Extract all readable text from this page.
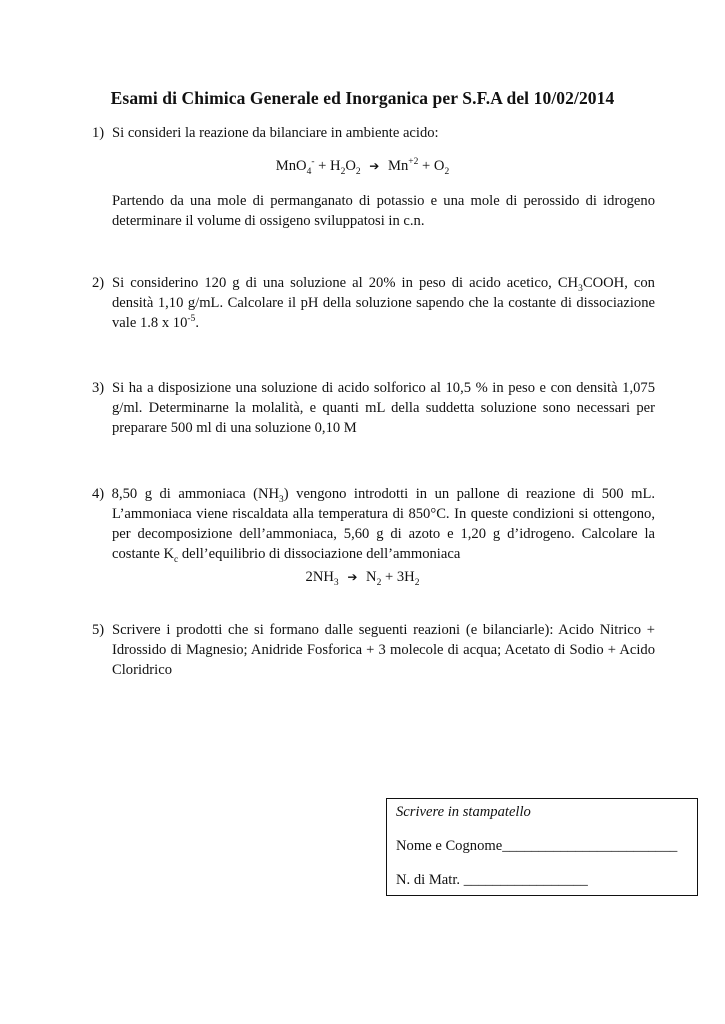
Esami di Chimica Generale ed Inorganica per S.F.A del 10/02/2014
1) Si consideri la reazione da bilanciare in ambiente acido:
$MnO_4^- + H_2O_2$ ➔ $Mn^{+2} + O_2$
Partendo da una mole di permanganato di potassio e una mole di perossido di idrogeno determinare il volume di ossigeno sviluppatosi in c.n.
2) Si considerino 120 g di una soluzione al 20% in peso di acido acetico, $CH_3COOH$, con densità 1,10 g/mL. Calcolare il pH della soluzione sapendo che la costante di dissociazione vale 1.8 x $10^{-5}$.
3) Si ha a disposizione una soluzione di acido solforico al 10,5 % in peso e con densità 1,075 g/ml. Determinarne la molalità, e quanti mL della suddetta soluzione sono necessari per preparare 500 ml di una soluzione 0,10 M
4) 8,50 g di ammoniaca $(NH_3)$ vengono introdotti in un pallone di reazione di 500 mL. L’ammoniaca viene riscaldata alla temperatura di 850°C. In queste condizioni si ottengono, per decomposizione dell’ammoniaca, 5,60 g di azoto e 1,20 g d’idrogeno. Calcolare la costante $K_c$ dell’equilibrio di dissociazione dell’ammoniaca
$2NH_3$ ➔ $N_2 + 3H_2$
5) Scrivere i prodotti che si formano dalle seguenti reazioni (e bilanciarle): Acido Nitrico + Idrossido di Magnesio; Anidride Fosforica + 3 molecole di acqua; Acetato di Sodio + Acido Cloridrico
Scrivere in stampatello
Nome e Cognome________________________
N. di Matr. _________________
